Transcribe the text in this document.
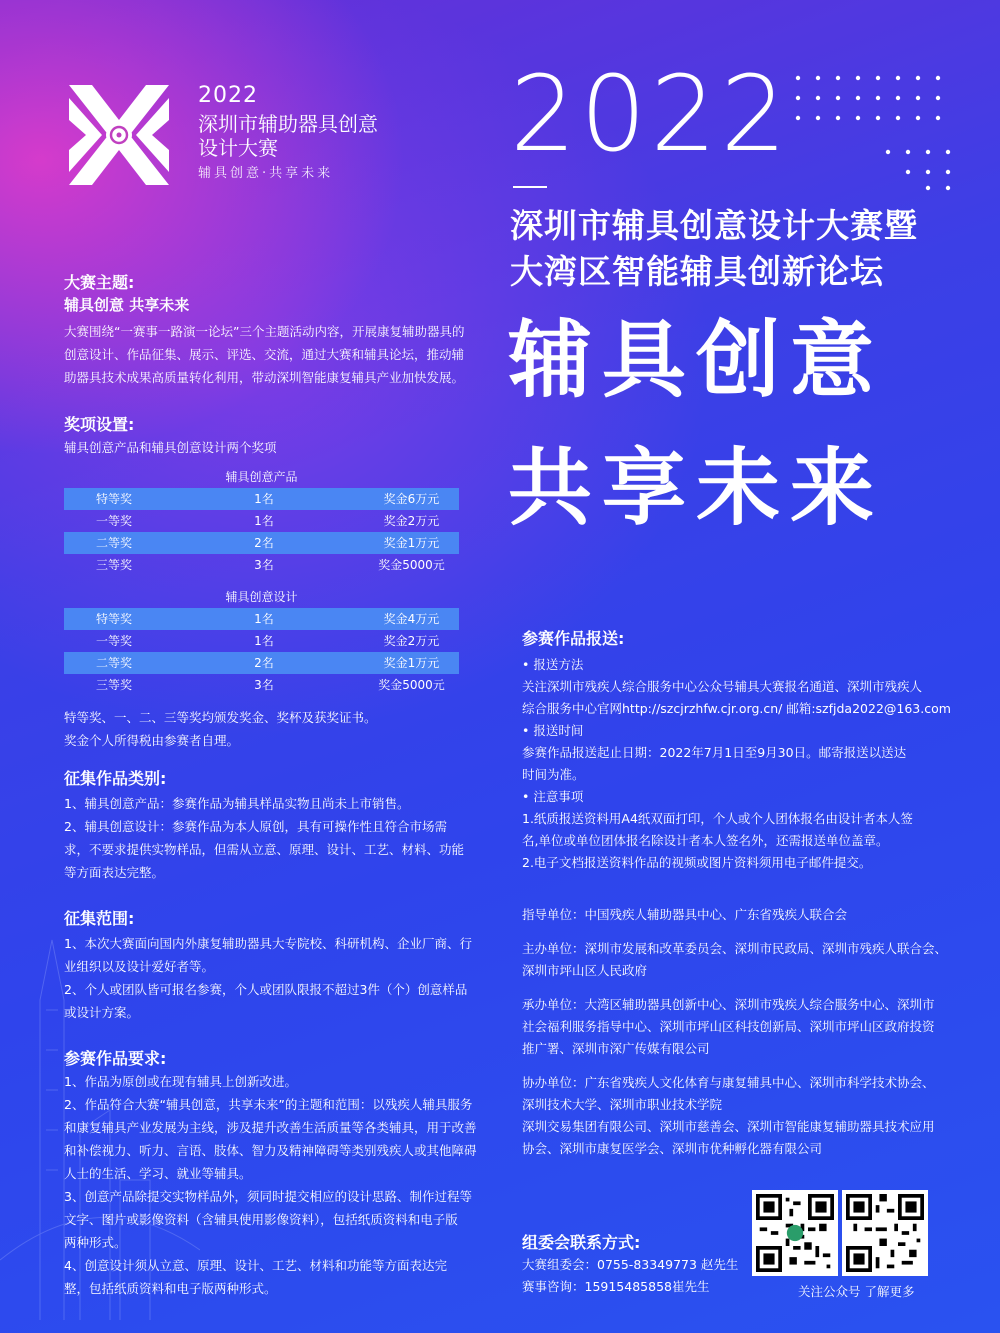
2022
深圳市辅助器具创意
设计大赛
辅具创意·共享未来 2022
深圳市辅具创意设计大赛暨
大湾区智能辅具创新论坛
辅具创意
共享未来
大赛主题:
辅具创意 共享未来
大赛围绕“一赛事一路演一论坛”三个主题活动内容，开展康复辅助器具的
创意设计、作品征集、展示、评选、交流，通过大赛和辅具论坛，推动辅
助器具技术成果高质量转化利用，带动深圳智能康复辅具产业加快发展。
奖项设置:
辅具创意产品和辅具创意设计两个奖项
辅具创意产品
特等奖	1名	奖金6万元
一等奖	1名	奖金2万元
二等奖	2名	奖金1万元
三等奖	3名	奖金5000元
辅具创意设计
特等奖	1名	奖金4万元
一等奖	1名	奖金2万元
二等奖	2名	奖金1万元
三等奖	3名	奖金5000元
特等奖、一、二、三等奖均颁发奖金、奖杯及获奖证书。
奖金个人所得税由参赛者自理。
征集作品类别:
1、辅具创意产品：参赛作品为辅具样品实物且尚未上市销售。
2、辅具创意设计：参赛作品为本人原创，具有可操作性且符合市场需
求，不要求提供实物样品，但需从立意、原理、设计、工艺、材料、功能
等方面表达完整。
征集范围:
1、本次大赛面向国内外康复辅助器具大专院校、科研机构、企业厂商、行
业组织以及设计爱好者等。
2、个人或团队皆可报名参赛，个人或团队限报不超过3件（个）创意样品
或设计方案。
参赛作品要求:
1、作品为原创或在现有辅具上创新改进。
2、作品符合大赛“辅具创意，共享未来”的主题和范围：以残疾人辅具服务
和康复辅具产业发展为主线，涉及提升改善生活质量等各类辅具，用于改善
和补偿视力、听力、言语、肢体、智力及精神障碍等类别残疾人或其他障碍
人士的生活、学习、就业等辅具。
3、创意产品除提交实物样品外，须同时提交相应的设计思路、制作过程等
文字、图片或影像资料（含辅具使用影像资料），包括纸质资料和电子版
两种形式。
4、创意设计须从立意、原理、设计、工艺、材料和功能等方面表达完
整，包括纸质资料和电子版两种形式。
参赛作品报送:
• 报送方法
关注深圳市残疾人综合服务中心公众号辅具大赛报名通道、深圳市残疾人
综合服务中心官网http://szcjrzhfw.cjr.org.cn/ 邮箱:szfjda2022@163.com
• 报送时间
参赛作品报送起止日期：2022年7月1日至9月30日。邮寄报送以送达
时间为准。
• 注意事项
1.纸质报送资料用A4纸双面打印，个人或个人团体报名由设计者本人签
名,单位或单位团体报名除设计者本人签名外，还需报送单位盖章。
2.电子文档报送资料作品的视频或图片资料须用电子邮件提交。
指导单位：中国残疾人辅助器具中心、广东省残疾人联合会
主办单位：深圳市发展和改革委员会、深圳市民政局、深圳市残疾人联合会、
深圳市坪山区人民政府
承办单位：大湾区辅助器具创新中心、深圳市残疾人综合服务中心、深圳市
社会福利服务指导中心、深圳市坪山区科技创新局、深圳市坪山区政府投资
推广署、深圳市深广传媒有限公司
协办单位：广东省残疾人文化体育与康复辅具中心、深圳市科学技术协会、
深圳技术大学、深圳市职业技术学院
深圳交易集团有限公司、深圳市慈善会、深圳市智能康复辅助器具技术应用
协会、深圳市康复医学会、深圳市优种孵化器有限公司
组委会联系方式:
大赛组委会：0755-83349773 赵先生
赛事咨询：15915485858崔先生	关注公众号 了解更多
